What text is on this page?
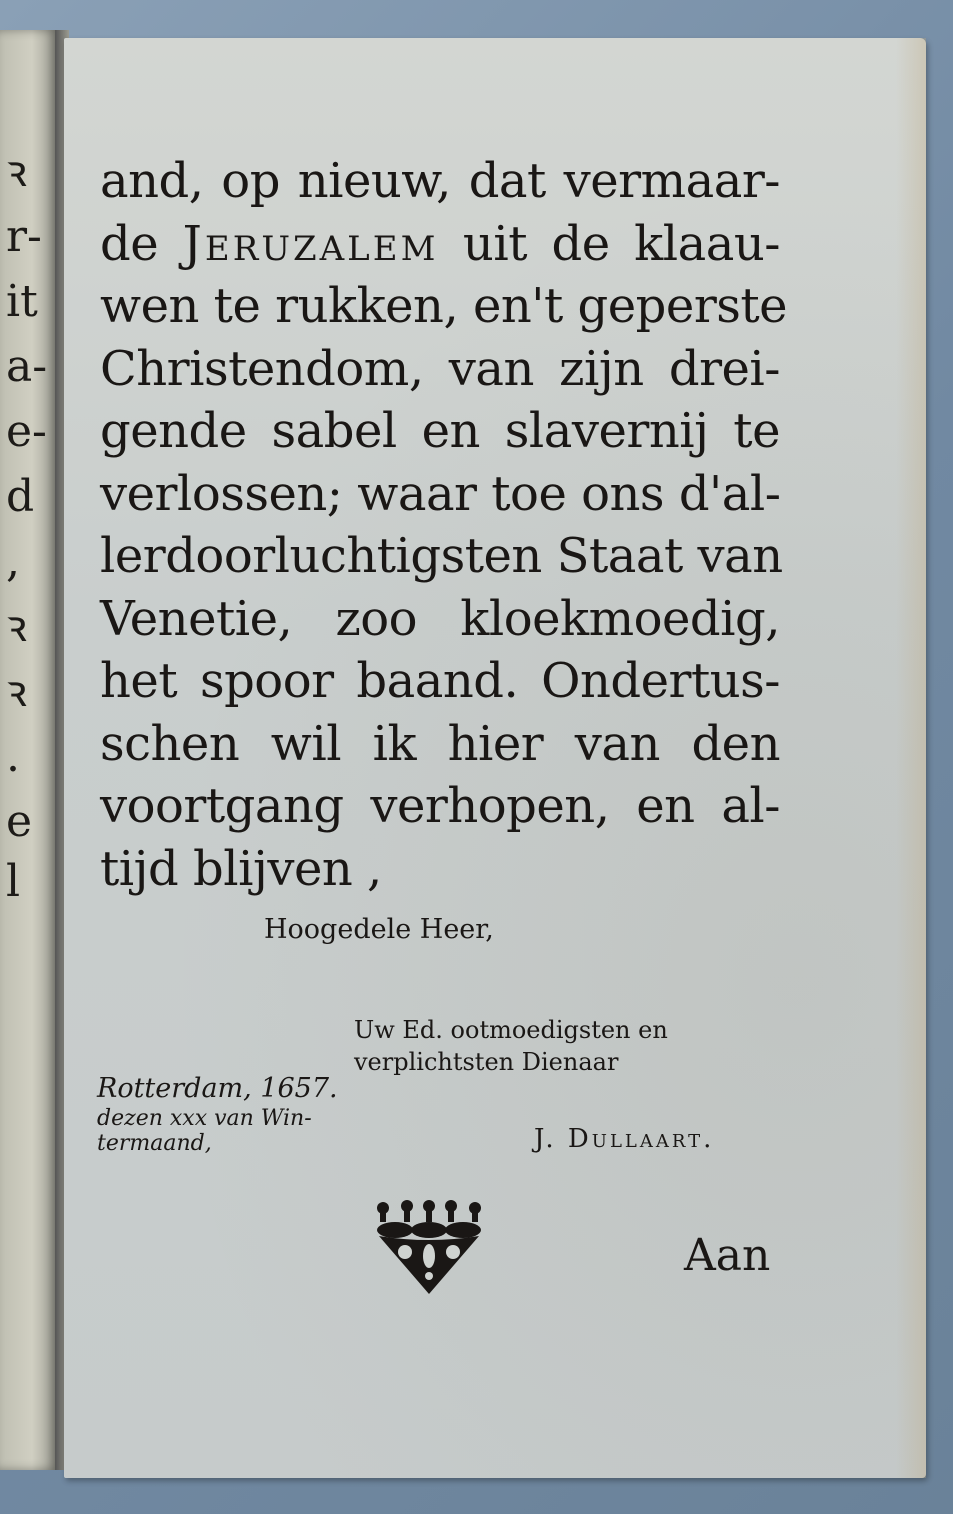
ꝛ
r-
it
a-
e-
d
,
ꝛ
ꝛ
.
e
l
and, op nieuw, dat vermaar-
de Jeruzalem uit de klaau-
wen te rukken, en't geperste
Christendom, van zijn drei-
gende sabel en slavernij te
verlossen; waar toe ons d'al-
lerdoorluchtigsten Staat van
Venetie, zoo kloekmoedig,
het spoor baand. Ondertus-
schen wil ik hier van den
voortgang verhopen, en al-
tijd blijven ,
Hoogedele Heer,
Uw Ed. ootmoedigsten en
verplichtsten Dienaar
Rotterdam, 1657.
dezen xxx van Win-
termaand,	J. Dullaart.
Aan
